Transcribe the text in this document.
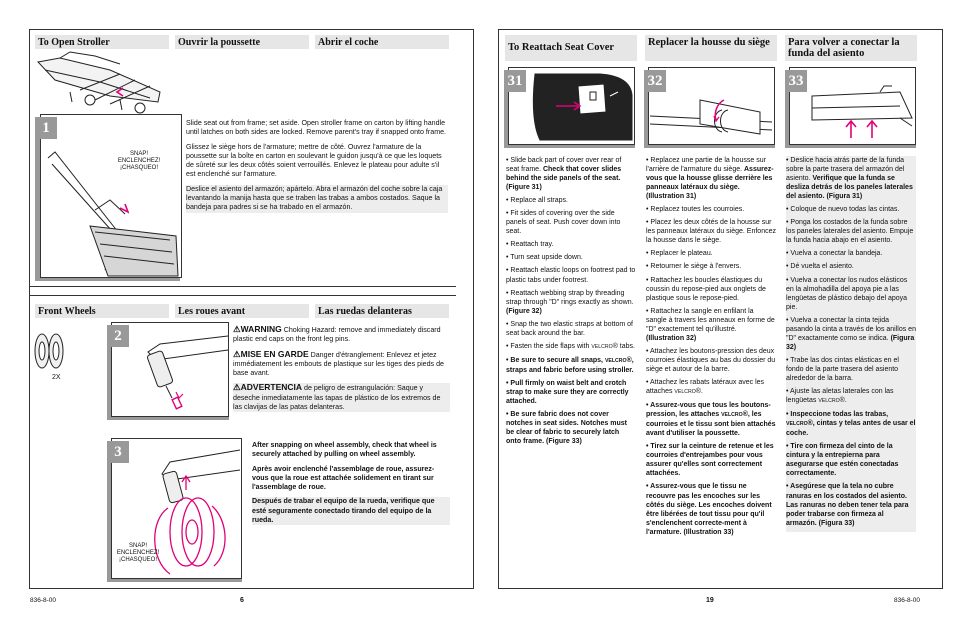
To Open Stroller	Ouvrir la poussette	Abrir el coche
1
SNAP!
ENCLENCHEZ!
¡CHASQUEO!

Slide seat out from frame; set aside. Open stroller frame on carton by lifting handle until latches on both sides are locked. Remove parent's tray if snapped onto frame.

Glissez le siège hors de l'armature; mettre de côté. Ouvrez l'armature de la poussette sur la boîte en carton en soulevant le guidon jusqu'à ce que les loquets de sûreté sur les deux côtés soient verrouillés. Enlevez le plateau pour adulte s'il est enclenché sur l'armature.

Deslice el asiento del armazón; apártelo. Abra el armazón del coche sobre la caja levantando la manija hasta que se traben las trabas a ambos costados. Saque la bandeja para padres si se ha trabado en el armazón.

Front Wheels	Les roues avant	Las ruedas delanteras
2X
2	⚠WARNING Choking Hazard: remove and immediately discard plastic end caps on the front leg pins.

⚠MISE EN GARDE Danger d'étranglement: Enlevez et jetez immédiatement les embouts de plastique sur les tiges des pieds de base avant.

⚠ADVERTENCIA de peligro de estrangulación: Saque y deseche inmediatamente las tapas de plástico de los extremos de las clavijas de las patas delanteras.

3
SNAP!
ENCLENCHEZ!
¡CHASQUEO!

After snapping on wheel assembly, check that wheel is securely attached by pulling on wheel assembly.

Après avoir enclenché l'assemblage de roue, assurez-vous que la roue est attachée solidement en tirant sur l'assemblage de roue.

Después de trabar el equipo de la rueda, verifique que esté seguramente conectado tirando del equipo de la rueda.

836-8-00	6
To Reattach Seat Cover	Replacer la housse du siège	Para volver a conectar la funda del asiento
31	32	33

• Slide back part of cover over rear of seat frame. Check that cover slides behind the side panels of the seat. (Figure 31)

• Replace all straps.

• Fit sides of covering over the side panels of seat. Push cover down into seat.

• Reattach tray.

• Turn seat upside down.

• Reattach elastic loops on footrest pad to plastic tabs under footrest.

• Reattach webbing strap by threading strap through "D" rings exactly as shown. (Figure 32)

• Snap the two elastic straps at bottom of seat back around the bar.

• Fasten the side flaps with VELCRO® tabs.

• Be sure to secure all snaps, VELCRO®, straps and fabric before using stroller.

• Pull firmly on waist belt and crotch strap to make sure they are correctly attached.

• Be sure fabric does not cover notches in seat sides. Notches must be clear of fabric to securely latch onto frame. (Figure 33)

• Replacez une partie de la housse sur l'arrière de l'armature du siège. Assurez-vous que la housse glisse derrière les panneaux latéraux du siège. (Illustration 31)

• Replacez toutes les courroies.

• Placez les deux côtés de la housse sur les panneaux latéraux du siège. Enfoncez la housse dans le siège.

• Replacer le plateau.

• Retourner le siège à l'envers.

• Rattachez les boucles élastiques du coussin du repose-pied aux onglets de plastique sous le repose-pied.

• Rattachez la sangle en enfilant la sangle à travers les anneaux en forme de "D" exactement tel qu'illustré. (Illustration 32)

• Attachez les boutons-pression des deux courroies élastiques au bas du dossier du siège et autour de la barre.

• Attachez les rabats latéraux avec les attaches VELCRO®.

• Assurez-vous que tous les boutons-pression, les attaches VELCRO®, les courroies et le tissu sont bien attachés avant d'utiliser la poussette.

• Tirez sur la ceinture de retenue et les courroies d'entrejambes pour vous assurer qu'elles sont correctement attachées.

• Assurez-vous que le tissu ne recouvre pas les encoches sur les côtés du siège. Les encoches doivent être libérées de tout tissu pour qu'il s'enclenchent correcte-ment à l'armature. (Illustration 33)

• Deslice hacia atrás parte de la funda sobre la parte trasera del armazón del asiento. Verifique que la funda se desliza detrás de los paneles laterales del asiento. (Figura 31)

• Coloque de nuevo todas las cintas.

• Ponga los costados de la funda sobre los paneles laterales del asiento. Empuje la funda hacia abajo en el asiento.

• Vuelva a conectar la bandeja.

• Dé vuelta el asiento.

• Vuelva a conectar los nudos elásticos en la almohadilla del apoya pie a las lengüetas de plástico debajo del apoya pie.

• Vuelva a conectar la cinta tejida pasando la cinta a través de los anillos en "D" exactamente como se indica. (Figura 32)

• Trabe las dos cintas elásticas en el fondo de la parte trasera del asiento alrededor de la barra.

• Ajuste las aletas laterales con las lengüetas VELCRO®.

• Inspeccione todas las trabas, VELCRO®, cintas y telas antes de usar el coche.

• Tire con firmeza del cinto de la cintura y la entrepierna para asegurarse que estén conectadas correctamente.

• Asegúrese que la tela no cubre ranuras en los costados del asiento. Las ranuras no deben tener tela para poder trabarse con firmeza al armazón. (Figura 33)

19	836-8-00
